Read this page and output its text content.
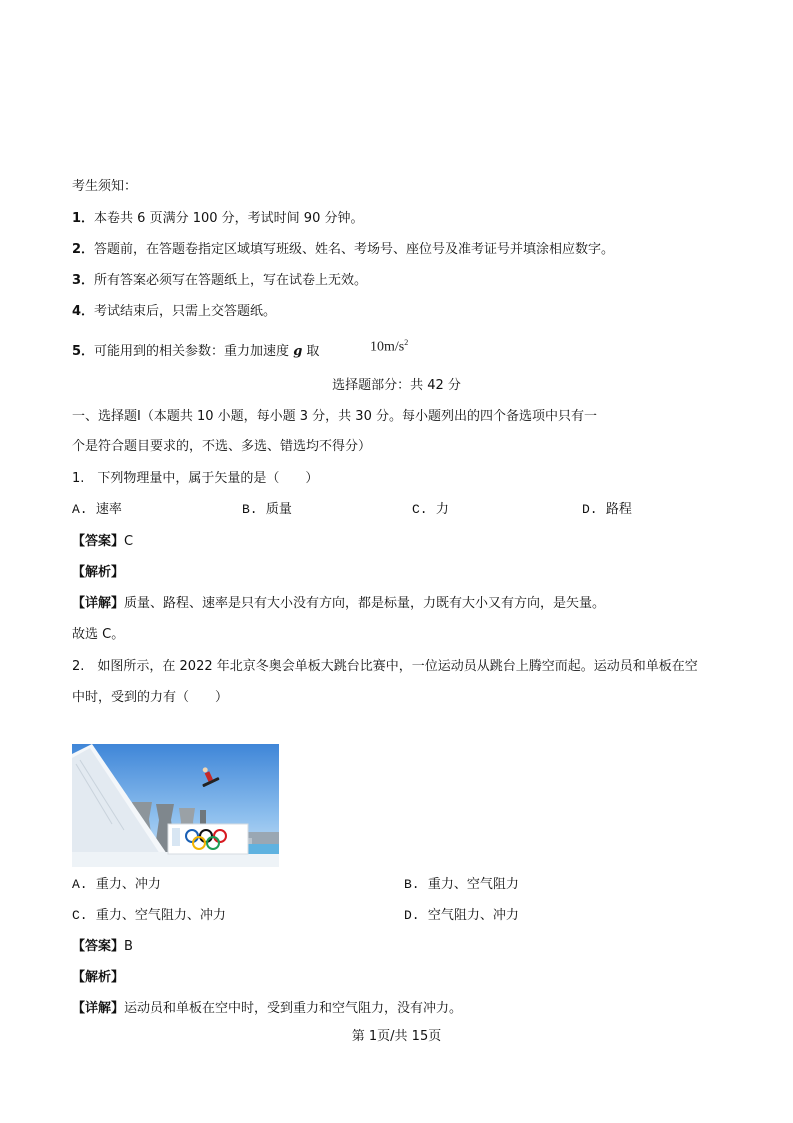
考生须知：
1．本卷共 6 页满分 100 分，考试时间 90 分钟。
2．答题前，在答题卷指定区域填写班级、姓名、考场号、座位号及准考证号并填涂相应数字。
3．所有答案必须写在答题纸上，写在试卷上无效。
4．考试结束后，只需上交答题纸。
5．可能用到的相关参数：重力加速度 g 取	$10m/s^2$
选择题部分：共 42 分
一、选择题Ⅰ（本题共 10 小题，每小题 3 分，共 30 分。每小题列出的四个备选项中只有一
个是符合题目要求的，不选、多选、错选均不得分）
1.　下列物理量中，属于矢量的是（　　）
A. 速率	B. 质量	C. 力	D. 路程
【答案】C
【解析】
【详解】质量、路程、速率是只有大小没有方向，都是标量，力既有大小又有方向，是矢量。
故选 C。
2.　如图所示，在 2022 年北京冬奥会单板大跳台比赛中，一位运动员从跳台上腾空而起。运动员和单板在空
中时，受到的力有（　　）
A. 重力、冲力	B. 重力、空气阻力
C. 重力、空气阻力、冲力	D. 空气阻力、冲力
【答案】B
【解析】
【详解】运动员和单板在空中时，受到重力和空气阻力，没有冲力。
第 1页/共 15页
